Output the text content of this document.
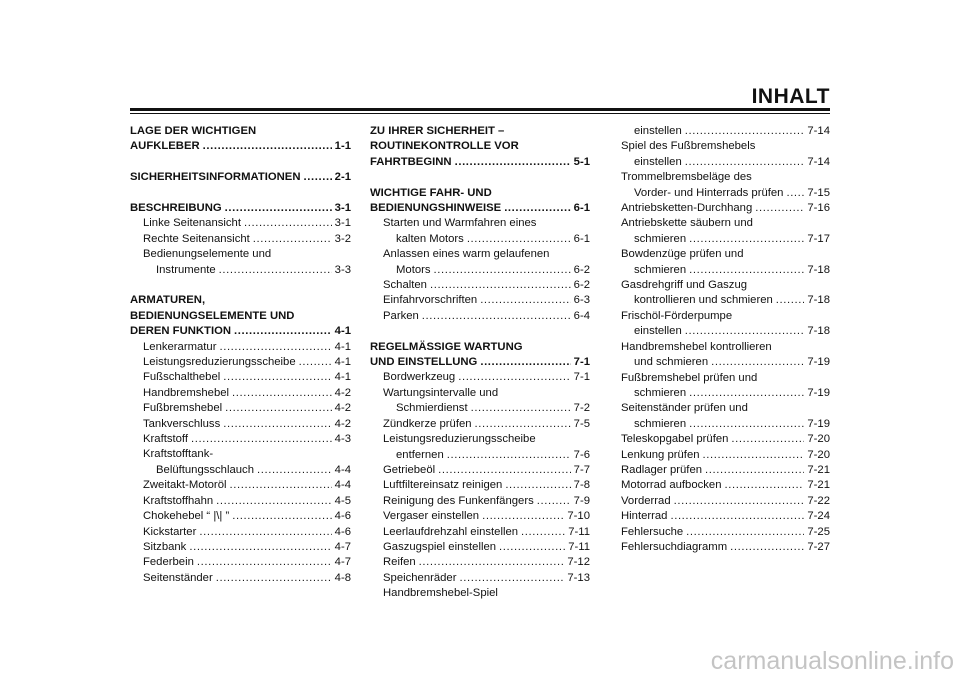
INHALT
LAGE DER WICHTIGEN
AUFKLEBER .....	1-1
SICHERHEITSINFORMATIONEN .....	2-1
BESCHREIBUNG .....	3-1
Linke Seitenansicht .....	3-1
Rechte Seitenansicht .....	3-2
Bedienungselemente und
Instrumente .....	3-3
ARMATUREN,
BEDIENUNGSELEMENTE UND
DEREN FUNKTION .....	4-1
Lenkerarmatur .....	4-1
Leistungsreduzierungsscheibe .....	4-1
Fußschalthebel .....	4-1
Handbremshebel .....	4-2
Fußbremshebel .....	4-2
Tankverschluss .....	4-2
Kraftstoff .....	4-3
Kraftstofftank-
Belüftungsschlauch .....	4-4
Zweitakt-Motoröl .....	4-4
Kraftstoffhahn .....	4-5
Chokehebel “ |\| ” .....	4-6
Kickstarter .....	4-6
Sitzbank .....	4-7
Federbein .....	4-7
Seitenständer .....	4-8
ZU IHRER SICHERHEIT –
ROUTINEKONTROLLE VOR
FAHRTBEGINN .....	5-1
WICHTIGE FAHR- UND
BEDIENUNGSHINWEISE .....	6-1
Starten und Warmfahren eines
kalten Motors .....	6-1
Anlassen eines warm gelaufenen
Motors .....	6-2
Schalten .....	6-2
Einfahrvorschriften .....	6-3
Parken .....	6-4
REGELMÄSSIGE WARTUNG
UND EINSTELLUNG .....	7-1
Bordwerkzeug .....	7-1
Wartungsintervalle und
Schmierdienst .....	7-2
Zündkerze prüfen .....	7-5
Leistungsreduzierungsscheibe
entfernen .....	7-6
Getriebeöl .....	7-7
Luftfiltereinsatz reinigen .....	7-8
Reinigung des Funkenfängers .....	7-9
Vergaser einstellen .....	7-10
Leerlaufdrehzahl einstellen .....	7-11
Gaszugspiel einstellen .....	7-11
Reifen .....	7-12
Speichenräder .....	7-13
Handbremshebel-Spiel
einstellen .....	7-14
Spiel des Fußbremshebels
einstellen .....	7-14
Trommelbremsbeläge des
Vorder- und Hinterrads prüfen ..... 7-15
Antriebsketten-Durchhang .....	7-16
Antriebskette säubern und
schmieren .....	7-17
Bowdenzüge prüfen und
schmieren .....	7-18
Gasdrehgriff und Gaszug
kontrollieren und schmieren .....	7-18
Frischöl-Förderpumpe
einstellen .....	7-18
Handbremshebel kontrollieren
und schmieren .....	7-19
Fußbremshebel prüfen und
schmieren .....	7-19
Seitenständer prüfen und
schmieren .....	7-19
Teleskopgabel prüfen .....	7-20
Lenkung prüfen .....	7-20
Radlager prüfen .....	7-21
Motorrad aufbocken .....	7-21
Vorderrad .....	7-22
Hinterrad .....	7-24
Fehlersuche .....	7-25
Fehlersuchdiagramm .....	7-27
carmanualsonline.info
